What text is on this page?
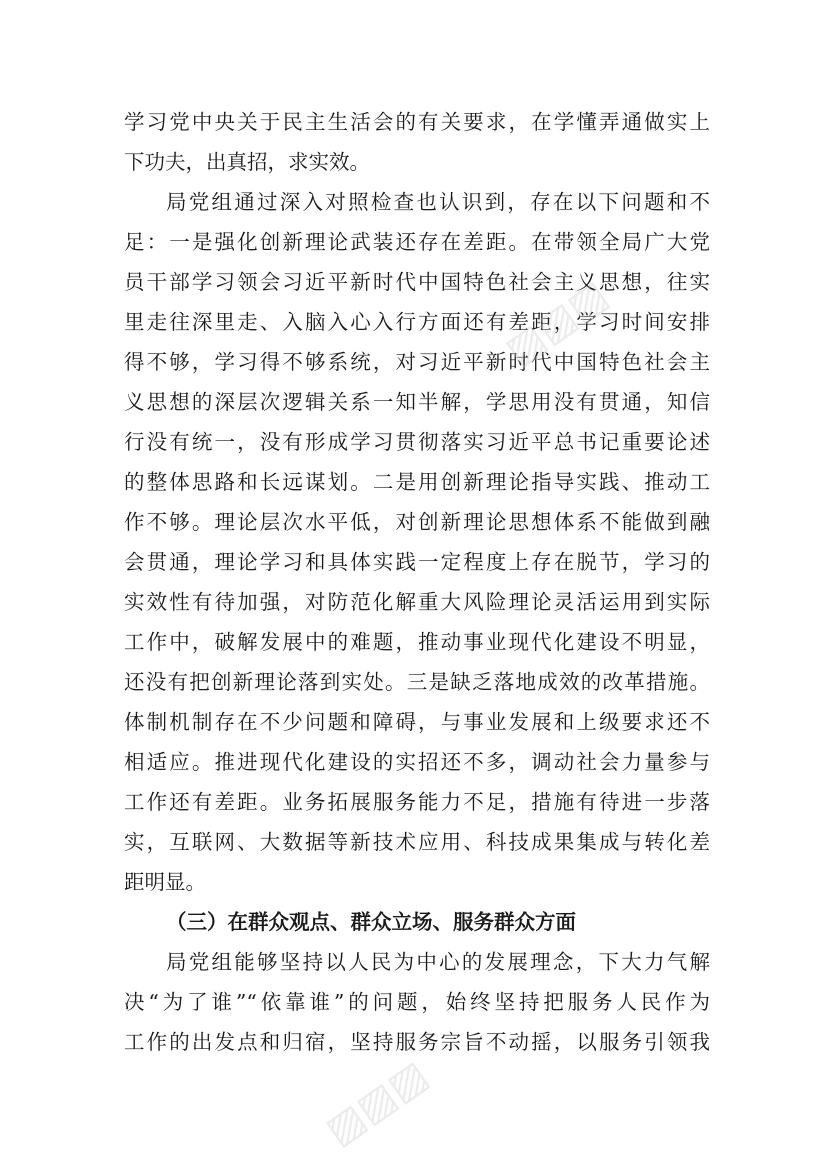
学习党中央关于民主生活会的有关要求，在学懂弄通做实上
下功夫，出真招，求实效。
局党组通过深入对照检查也认识到，存在以下问题和不
足：一是强化创新理论武装还存在差距。在带领全局广大党
员干部学习领会习近平新时代中国特色社会主义思想，往实
里走往深里走、入脑入心入行方面还有差距，学习时间安排
得不够，学习得不够系统，对习近平新时代中国特色社会主
义思想的深层次逻辑关系一知半解，学思用没有贯通，知信
行没有统一，没有形成学习贯彻落实习近平总书记重要论述
的整体思路和长远谋划。二是用创新理论指导实践、推动工
作不够。理论层次水平低，对创新理论思想体系不能做到融
会贯通，理论学习和具体实践一定程度上存在脱节，学习的
实效性有待加强，对防范化解重大风险理论灵活运用到实际
工作中，破解发展中的难题，推动事业现代化建设不明显，
还没有把创新理论落到实处。三是缺乏落地成效的改革措施。
体制机制存在不少问题和障碍，与事业发展和上级要求还不
相适应。推进现代化建设的实招还不多，调动社会力量参与
工作还有差距。业务拓展服务能力不足，措施有待进一步落
实，互联网、大数据等新技术应用、科技成果集成与转化差
距明显。
（三）在群众观点、群众立场、服务群众方面
局党组能够坚持以人民为中心的发展理念，下大力气解
决“为了谁”“依靠谁”的问题，始终坚持把服务人民作为
工作的出发点和归宿，坚持服务宗旨不动摇，以服务引领我
▨▨▨
▨▨▨
